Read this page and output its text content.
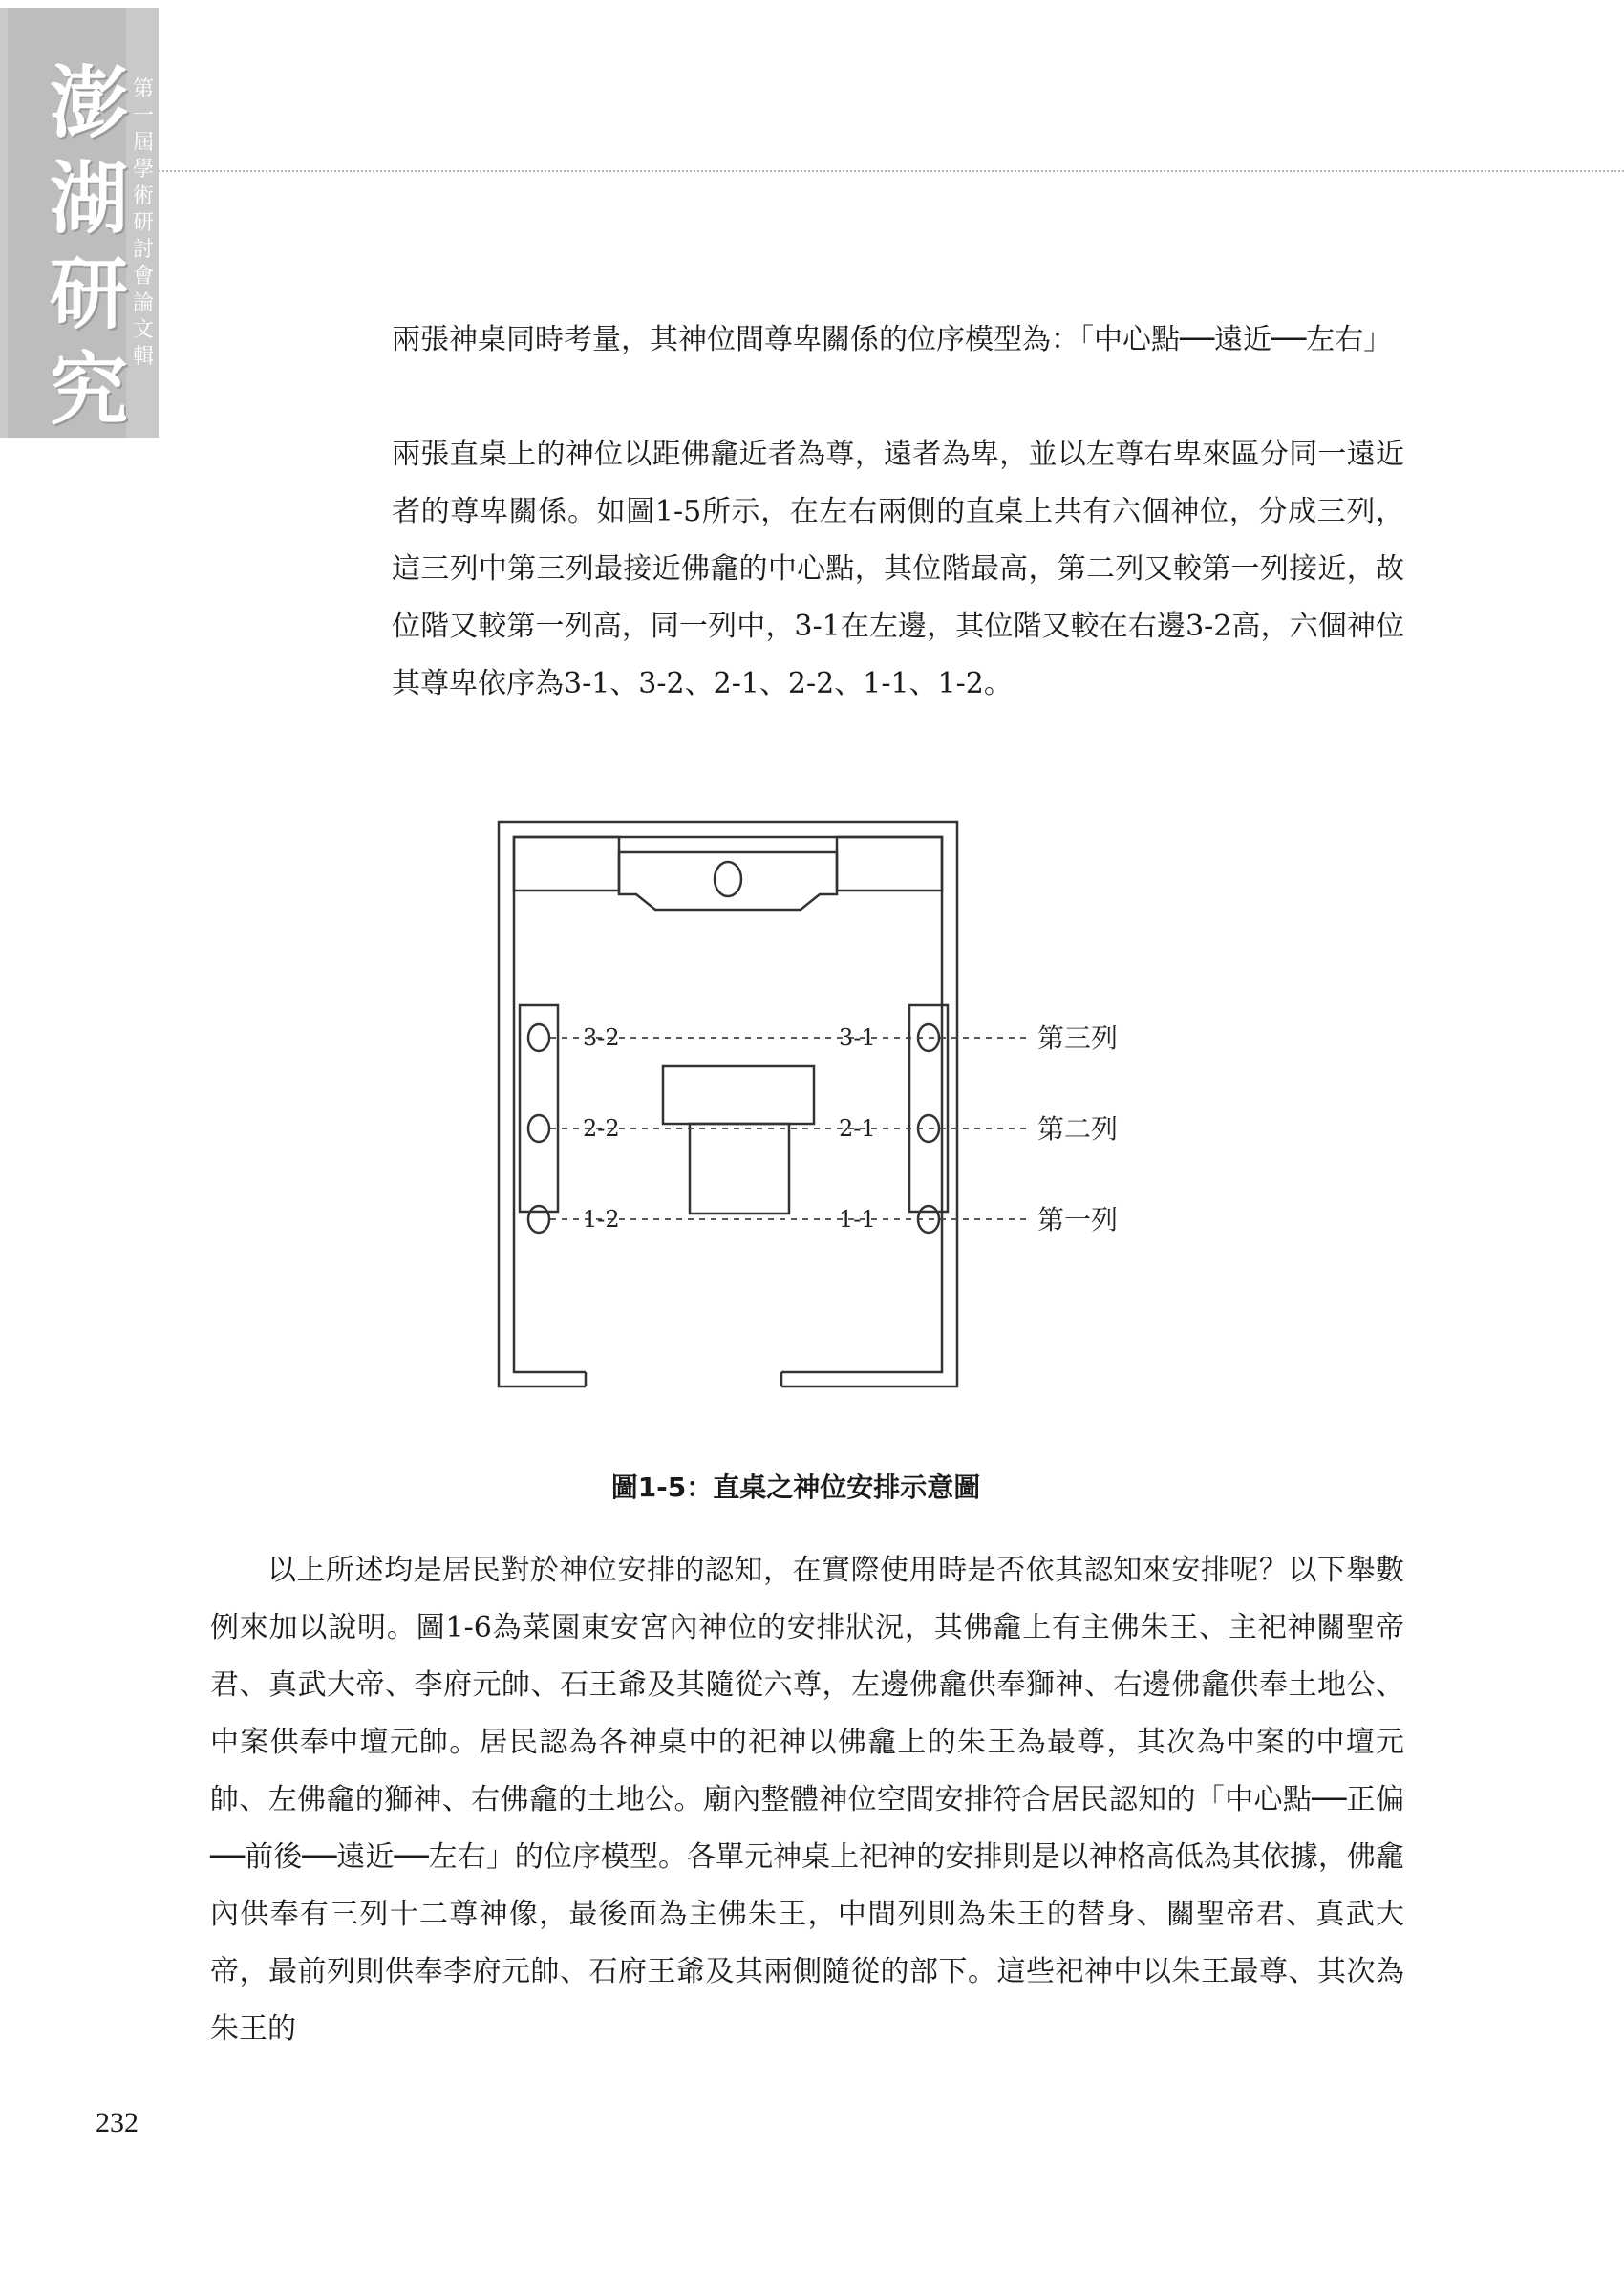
澎
湖
研
究
第
一
屆
學
術
研
討
會
論
文
輯

兩張神桌同時考量，其神位間尊卑關係的位序模型為：「中心點──遠近──左右」

兩張直桌上的神位以距佛龕近者為尊，遠者為卑，並以左尊右卑來區分同一遠近者的尊卑關係。如圖1-5所示，在左右兩側的直桌上共有六個神位，分成三列，這三列中第三列最接近佛龕的中心點，其位階最高，第二列又較第一列接近，故位階又較第一列高，同一列中，3-1在左邊，其位階又較在右邊3-2高，六個神位其尊卑依序為3-1、3-2、2-1、2-2、1-1、1-2。

3-2
2-2
1-2
3-1
2-1
1-1
第三列
第二列
第一列
圖1-5：直桌之神位安排示意圖

以上所述均是居民對於神位安排的認知，在實際使用時是否依其認知來安排呢？以下舉數例來加以說明。圖1-6為菜園東安宮內神位的安排狀況，其佛龕上有主佛朱王、主祀神關聖帝君、真武大帝、李府元帥、石王爺及其隨從六尊，左邊佛龕供奉獅神、右邊佛龕供奉土地公、中案供奉中壇元帥。居民認為各神桌中的祀神以佛龕上的朱王為最尊，其次為中案的中壇元帥、左佛龕的獅神、右佛龕的土地公。廟內整體神位空間安排符合居民認知的「中心點──正偏──前後──遠近──左右」的位序模型。各單元神桌上祀神的安排則是以神格高低為其依據，佛龕內供奉有三列十二尊神像，最後面為主佛朱王，中間列則為朱王的替身、關聖帝君、真武大帝，最前列則供奉李府元帥、石府王爺及其兩側隨從的部下。這些祀神中以朱王最尊、其次為朱王的

232
